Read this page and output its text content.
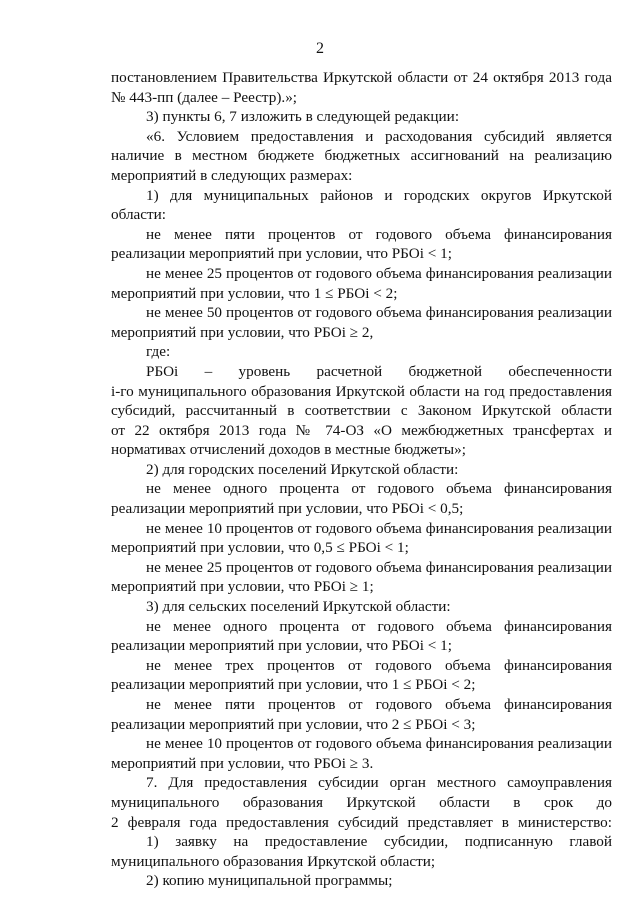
2
постановлением Правительства Иркутской области от 24 октября 2013 года
№ 443-пп (далее – Реестр).»;
3) пункты 6, 7 изложить в следующей редакции:
«6. Условием предоставления и расходования субсидий является
наличие в местном бюджете бюджетных ассигнований на реализацию
мероприятий в следующих размерах:
1) для муниципальных районов и городских округов Иркутской
области:
не менее пяти процентов от годового объема финансирования
реализации мероприятий при условии, что РБОi < 1;
не менее 25 процентов от годового объема финансирования реализации
мероприятий при условии, что 1 ≤ РБОi < 2;
не менее 50 процентов от годового объема финансирования реализации
мероприятий при условии, что РБОi ≥ 2,
где:
РБОi – уровень расчетной бюджетной обеспеченности
i-го муниципального образования Иркутской области на год предоставления
субсидий, рассчитанный в соответствии с Законом Иркутской области
от 22 октября 2013 года № 74-ОЗ «О межбюджетных трансфертах и
нормативах отчислений доходов в местные бюджеты»;
2) для городских поселений Иркутской области:
не менее одного процента от годового объема финансирования
реализации мероприятий при условии, что РБОi < 0,5;
не менее 10 процентов от годового объема финансирования реализации
мероприятий при условии, что 0,5 ≤ РБОi < 1;
не менее 25 процентов от годового объема финансирования реализации
мероприятий при условии, что РБОi ≥ 1;
3) для сельских поселений Иркутской области:
не менее одного процента от годового объема финансирования
реализации мероприятий при условии, что РБОi < 1;
не менее трех процентов от годового объема финансирования
реализации мероприятий при условии, что 1 ≤ РБОi < 2;
не менее пяти процентов от годового объема финансирования
реализации мероприятий при условии, что 2 ≤ РБОi < 3;
не менее 10 процентов от годового объема финансирования реализации
мероприятий при условии, что РБОi ≥ 3.
7. Для предоставления субсидии орган местного самоуправления
муниципального образования Иркутской области в срок до
2 февраля года предоставления субсидий представляет в министерство:
1) заявку на предоставление субсидии, подписанную главой
муниципального образования Иркутской области;
2) копию муниципальной программы;
